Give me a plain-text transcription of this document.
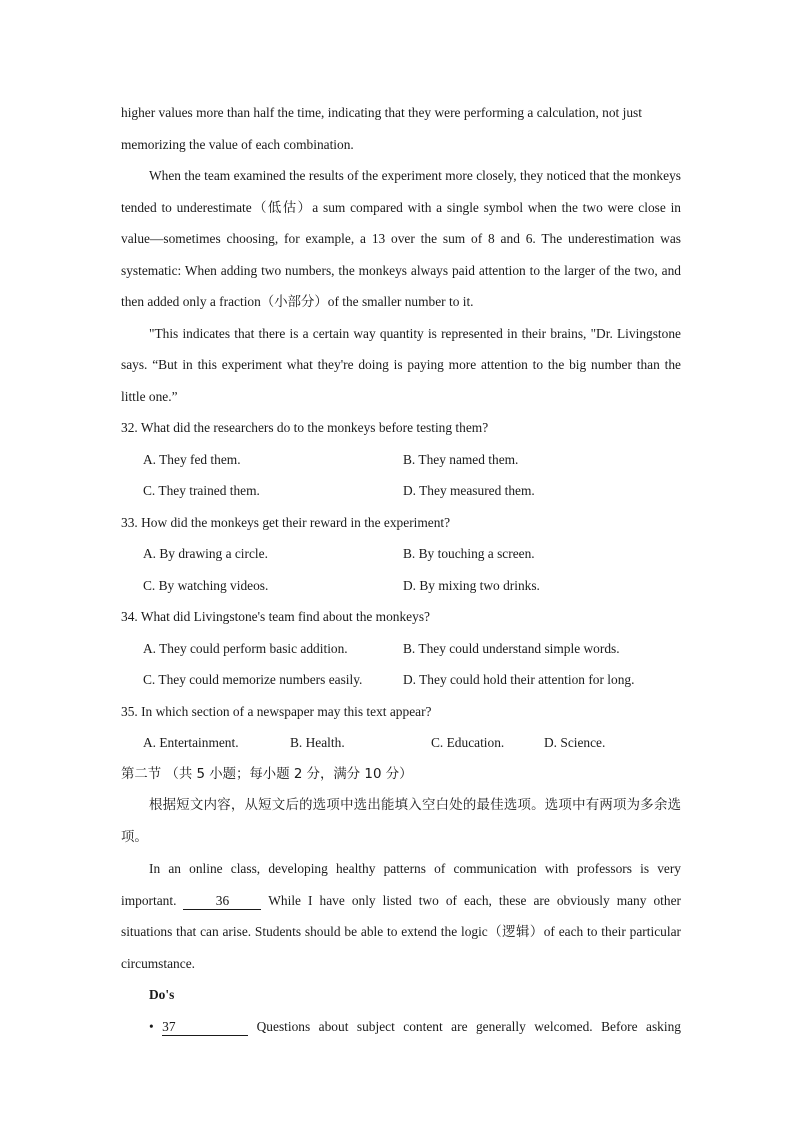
higher values more than half the time, indicating that they were performing a calculation, not just
memorizing the value of each combination.

When the team examined the results of the experiment more closely, they noticed that the monkeys tended to underestimate（低估）a sum compared with a single symbol when the two were close in value—sometimes choosing, for example, a 13 over the sum of 8 and 6. The underestimation was systematic: When adding two numbers, the monkeys always paid attention to the larger of the two, and then added only a fraction（小部分）of the smaller number to it.

"This indicates that there is a certain way quantity is represented in their brains, "Dr. Livingstone says. “But in this experiment what they're doing is paying more attention to the big number than the little one.”

32. What did the researchers do to the monkeys before testing them?

A. They fed them.	B. They named them.
C. They trained them.	D. They measured them.

33. How did the monkeys get their reward in the experiment?

A. By drawing a circle.	B. By touching a screen.
C. By watching videos.	D. By mixing two drinks.

34. What did Livingstone's team find about the monkeys?

A. They could perform basic addition.	B. They could understand simple words.
C. They could memorize numbers easily.	D. They could hold their attention for long.

35. In which section of a newspaper may this text appear?

A. Entertainment.	B. Health.	C. Education.	D. Science.

第二节 （共 5 小题；每小题 2 分，满分 10 分）

根据短文内容，从短文后的选项中选出能填入空白处的最佳选项。选项中有两项为多余选项。

In an online class, developing healthy patterns of communication with professors is very important.	36	While I have only listed two of each, these are obviously many other situations that can arise. Students should be able to extend the logic（逻辑）of each to their particular circumstance.

Do's

• 37	Questions about subject content are generally welcomed. Before asking
